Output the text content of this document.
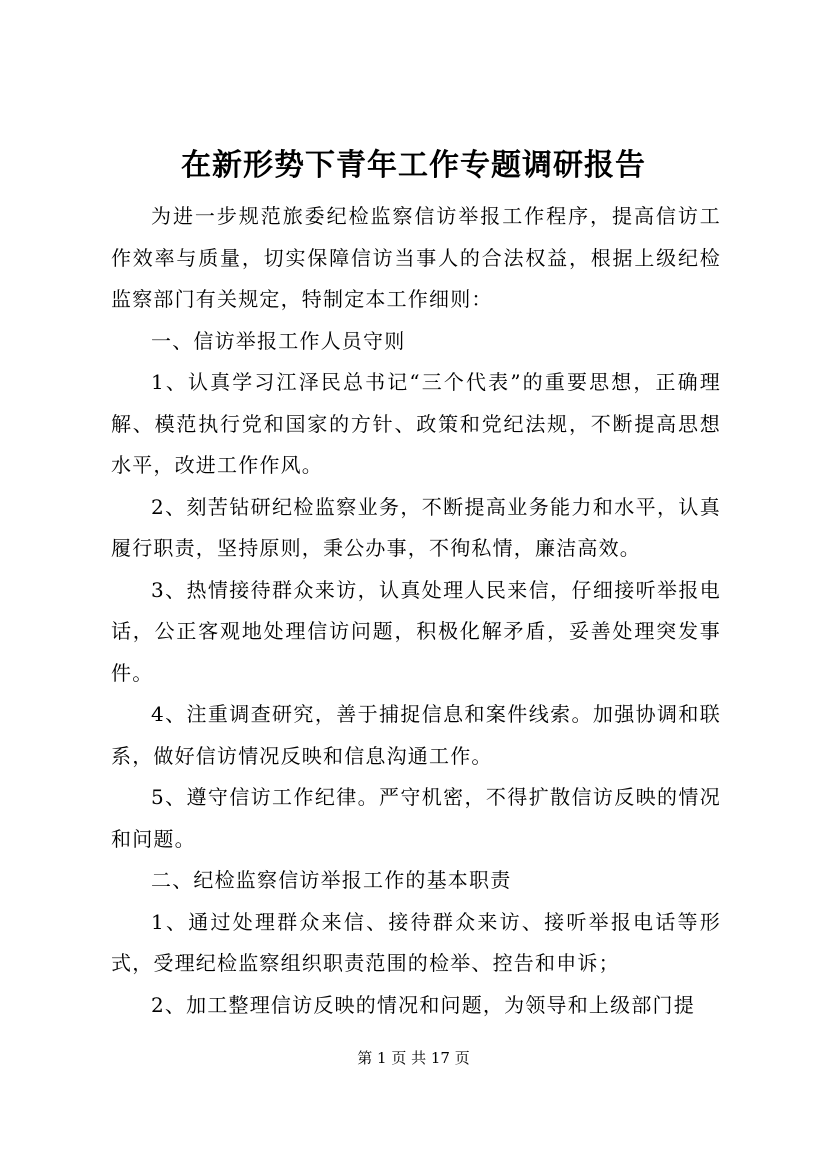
在新形势下青年工作专题调研报告

为进一步规范旅委纪检监察信访举报工作程序，提高信访工作效率与质量，切实保障信访当事人的合法权益，根据上级纪检监察部门有关规定，特制定本工作细则：

一、信访举报工作人员守则

1、认真学习江泽民总书记“三个代表”的重要思想，正确理解、模范执行党和国家的方针、政策和党纪法规，不断提高思想水平，改进工作作风。

2、刻苦钻研纪检监察业务，不断提高业务能力和水平，认真履行职责，坚持原则，秉公办事，不徇私情，廉洁高效。

3、热情接待群众来访，认真处理人民来信，仔细接听举报电话，公正客观地处理信访问题，积极化解矛盾，妥善处理突发事件。

4、注重调查研究，善于捕捉信息和案件线索。加强协调和联系，做好信访情况反映和信息沟通工作。

5、遵守信访工作纪律。严守机密，不得扩散信访反映的情况和问题。

二、纪检监察信访举报工作的基本职责

1、通过处理群众来信、接待群众来访、接听举报电话等形式，受理纪检监察组织职责范围的检举、控告和申诉；

2、加工整理信访反映的情况和问题，为领导和上级部门提

第 1 页 共 17 页
